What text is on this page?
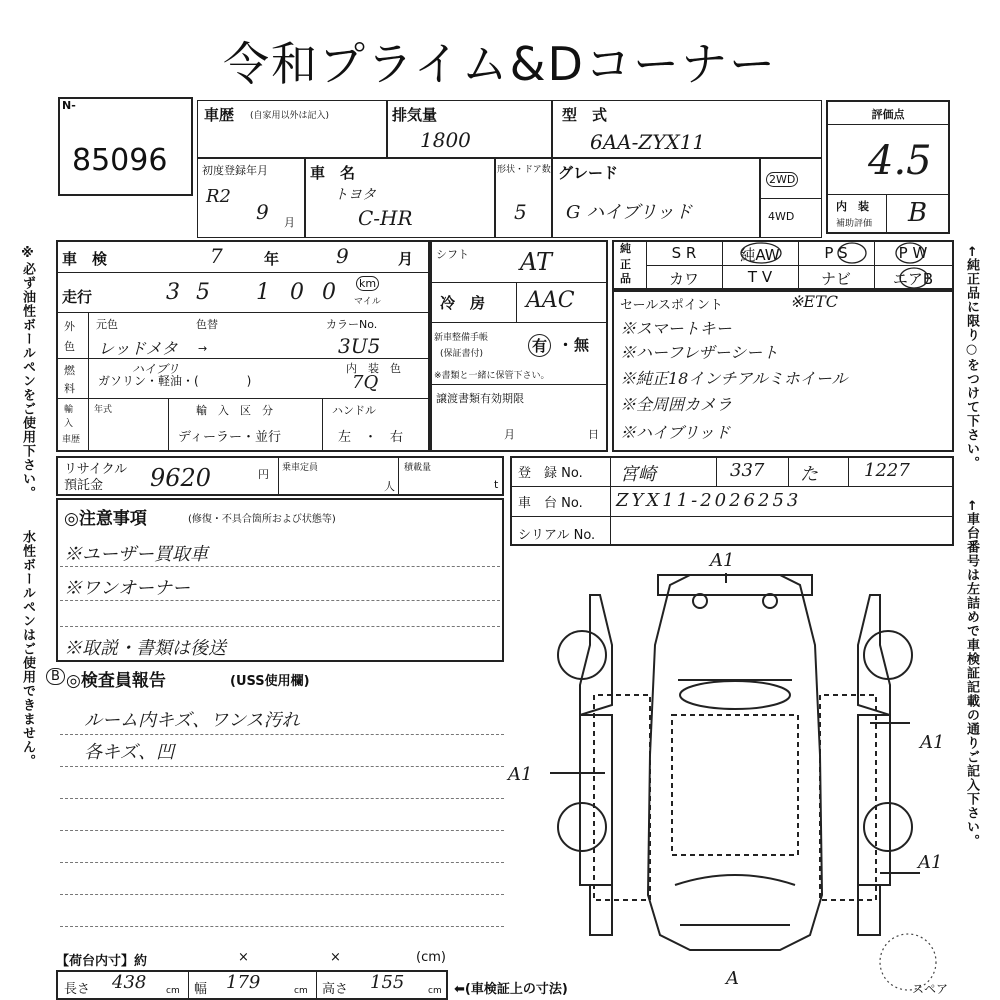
令和プライム&Dコーナー
※必ず油性ボールペンをご使用下さい。
水性ボールペンはご使用できません。
←純正品に限り○をつけて下さい。
←車台番号は左詰めで車検証記載の通りご記入下さい。
N-
85096
評価点
4.5
内　装
補助評価 B
車歴 (自家用以外は記入)	排気量
1800
型　式
6AA-ZYX11
初度登録年月
R2
9 月
車　名
トヨタ
C-HR
形状・ドア数
5
グレード
G ハイブリッド
2WD
4WD
車　検	7	年	9	月
走行	3 5 1 0 0 km
マイル
外
色
元色	色替
レッドメタ →
カラーNo.
3U5
燃
料
ガソリン・軽油・(　　　　)
ハイブリ	内　装　色
7Q
輸
入
車歴
年式	輸　入　区　分
ディーラー・並行
ハンドル
左　・　右
シフト AT
冷　房 AAC
新車整備手帳
(保証書付)	有 ・ 無
※書類と一緒に保管下さい。
譲渡書類有効期限
月	日
純
正
品
S R	純AW	P S	P W
カワ	T V	ナビ	エアB
セールスポイント	※ETC
※スマートキー
※ハーフレザーシート
※純正18インチアルミホイール
※全周囲カメラ
※ハイブリッド
リサイクル
預託金 9620	円 乗車定員
人
積載量
t
登　録 No. 宮崎	337 た	1227
車　台 No. ZYX11-2026253
シリアル No.
◎注意事項	(修復・不具合箇所および状態等)
※ユーザー買取車
※ワンオーナー
※取説・書類は後送
B ◎検査員報告	(USS使用欄)
ルーム内キズ、ワンス汚れ
各キズ、凹
【荷台内寸】約	×	×	(cm)
長さ 438 cm 幅 179	cm 高さ 155	cm ⬅(車検証上の寸法)
A1
A1
A1
A1
A	スペア
